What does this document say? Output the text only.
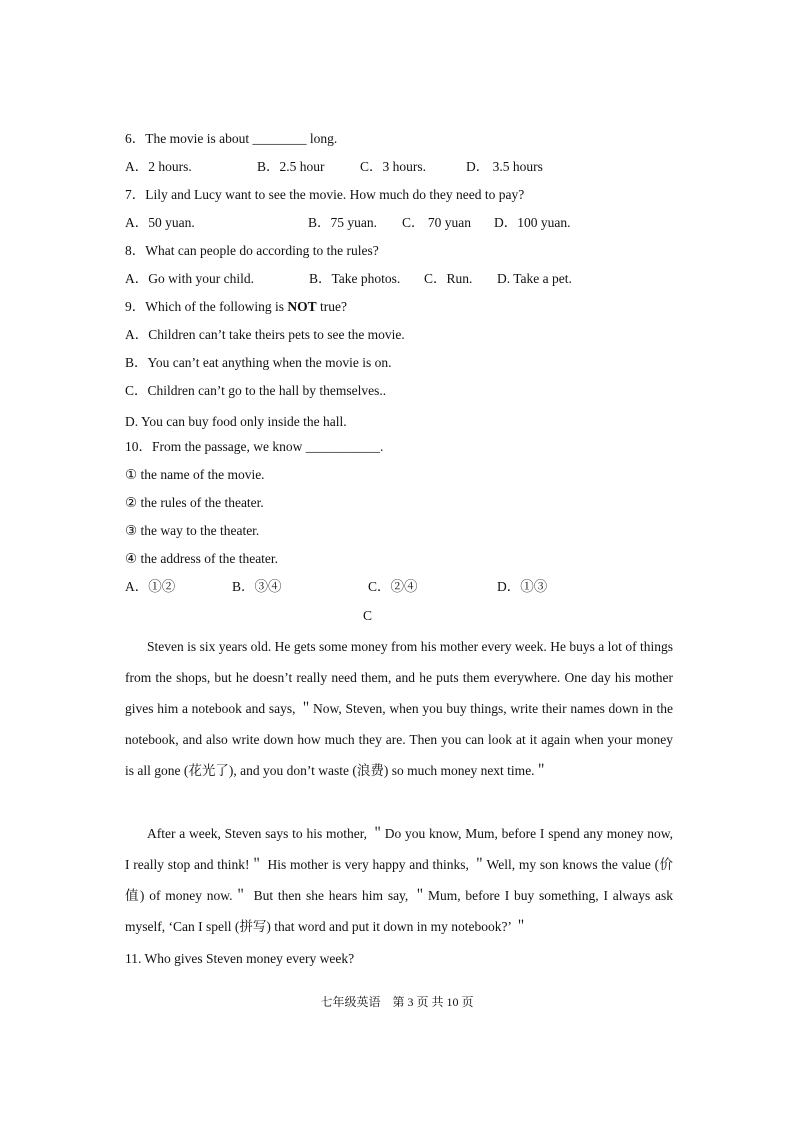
6．The movie is about ________ long.
A．2 hours.	B．2.5 hour	C．3 hours.	D． 3.5 hours
7．Lily and Lucy want to see the movie. How much do they need to pay?
A．50 yuan.	B．75 yuan. C． 70 yuan D．100 yuan.
8．What can people do according to the rules?
A．Go with your child.	B．Take photos. C．Run. D. Take a pet.
9．Which of the following is NOT true?
A．Children can’t take theirs pets to see the movie.
B．You can’t eat anything when the movie is on.
C．Children can’t go to the hall by themselves..
D. You can buy food only inside the hall.
10．From the passage, we know ___________.
① the name of the movie.
② the rules of the theater.
③ the way to the theater.
④ the address of the theater.
A．①②	B．③④	C．②④	D．①③
C
Steven is six years old. He gets some money from his mother every week. He buys a lot of things from the shops, but he doesn’t really need them, and he puts them everywhere. One day his mother gives him a notebook and says, ＂Now, Steven, when you buy things, write their names down in the notebook, and also write down how much they are. Then you can look at it again when your money is all gone (花光了), and you don’t waste (浪费) so much money next time.＂
After a week, Steven says to his mother, ＂Do you know, Mum, before I spend any money now, I really stop and think!＂ His mother is very happy and thinks, ＂Well, my son knows the value (价值) of money now.＂ But then she hears him say, ＂Mum, before I buy something, I always ask myself, ‘Can I spell (拼写) that word and put it down in my notebook?’ ＂
11. Who gives Steven money every week?
七年级英语　第 3 页 共 10 页
